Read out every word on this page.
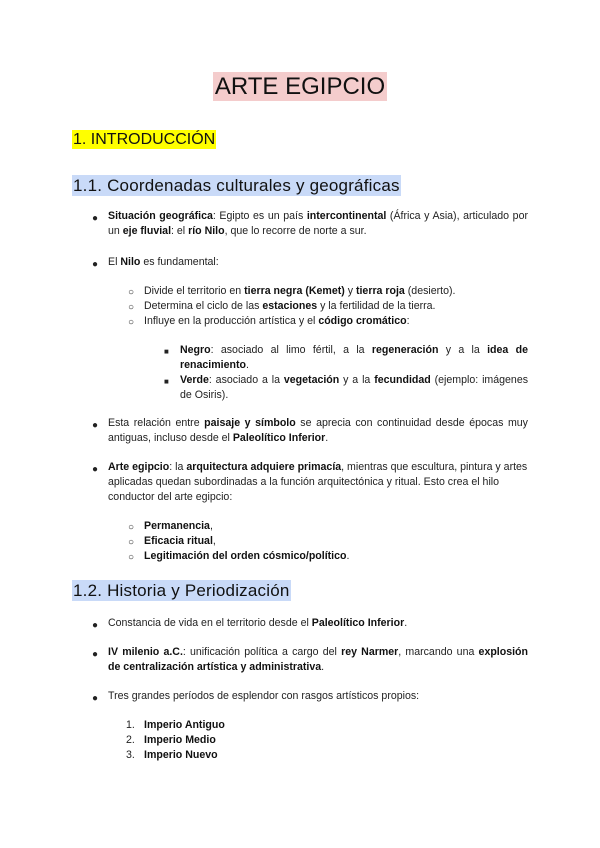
ARTE EGIPCIO
1. INTRODUCCIÓN
1.1. Coordenadas culturales y geográficas
● Situación geográfica: Egipto es un país intercontinental (África y Asia), articulado por un eje fluvial: el río Nilo, que lo recorre de norte a sur.
● El Nilo es fundamental:
○ Divide el territorio en tierra negra (Kemet) y tierra roja (desierto).
○ Determina el ciclo de las estaciones y la fertilidad de la tierra.
○ Influye en la producción artística y el código cromático:
■ Negro: asociado al limo fértil, a la regeneración y a la idea de renacimiento.
■ Verde: asociado a la vegetación y a la fecundidad (ejemplo: imágenes de Osiris).
● Esta relación entre paisaje y símbolo se aprecia con continuidad desde épocas muy antiguas, incluso desde el Paleolítico Inferior.
● Arte egipcio: la arquitectura adquiere primacía, mientras que escultura, pintura y artes aplicadas quedan subordinadas a la función arquitectónica y ritual. Esto crea el hilo conductor del arte egipcio:
○ Permanencia,
○ Eficacia ritual,
○ Legitimación del orden cósmico/político.
1.2. Historia y Periodización
● Constancia de vida en el territorio desde el Paleolítico Inferior.
● IV milenio a.C.: unificación política a cargo del rey Narmer, marcando una explosión de centralización artística y administrativa.
● Tres grandes períodos de esplendor con rasgos artísticos propios:
1. Imperio Antiguo
2. Imperio Medio
3. Imperio Nuevo
